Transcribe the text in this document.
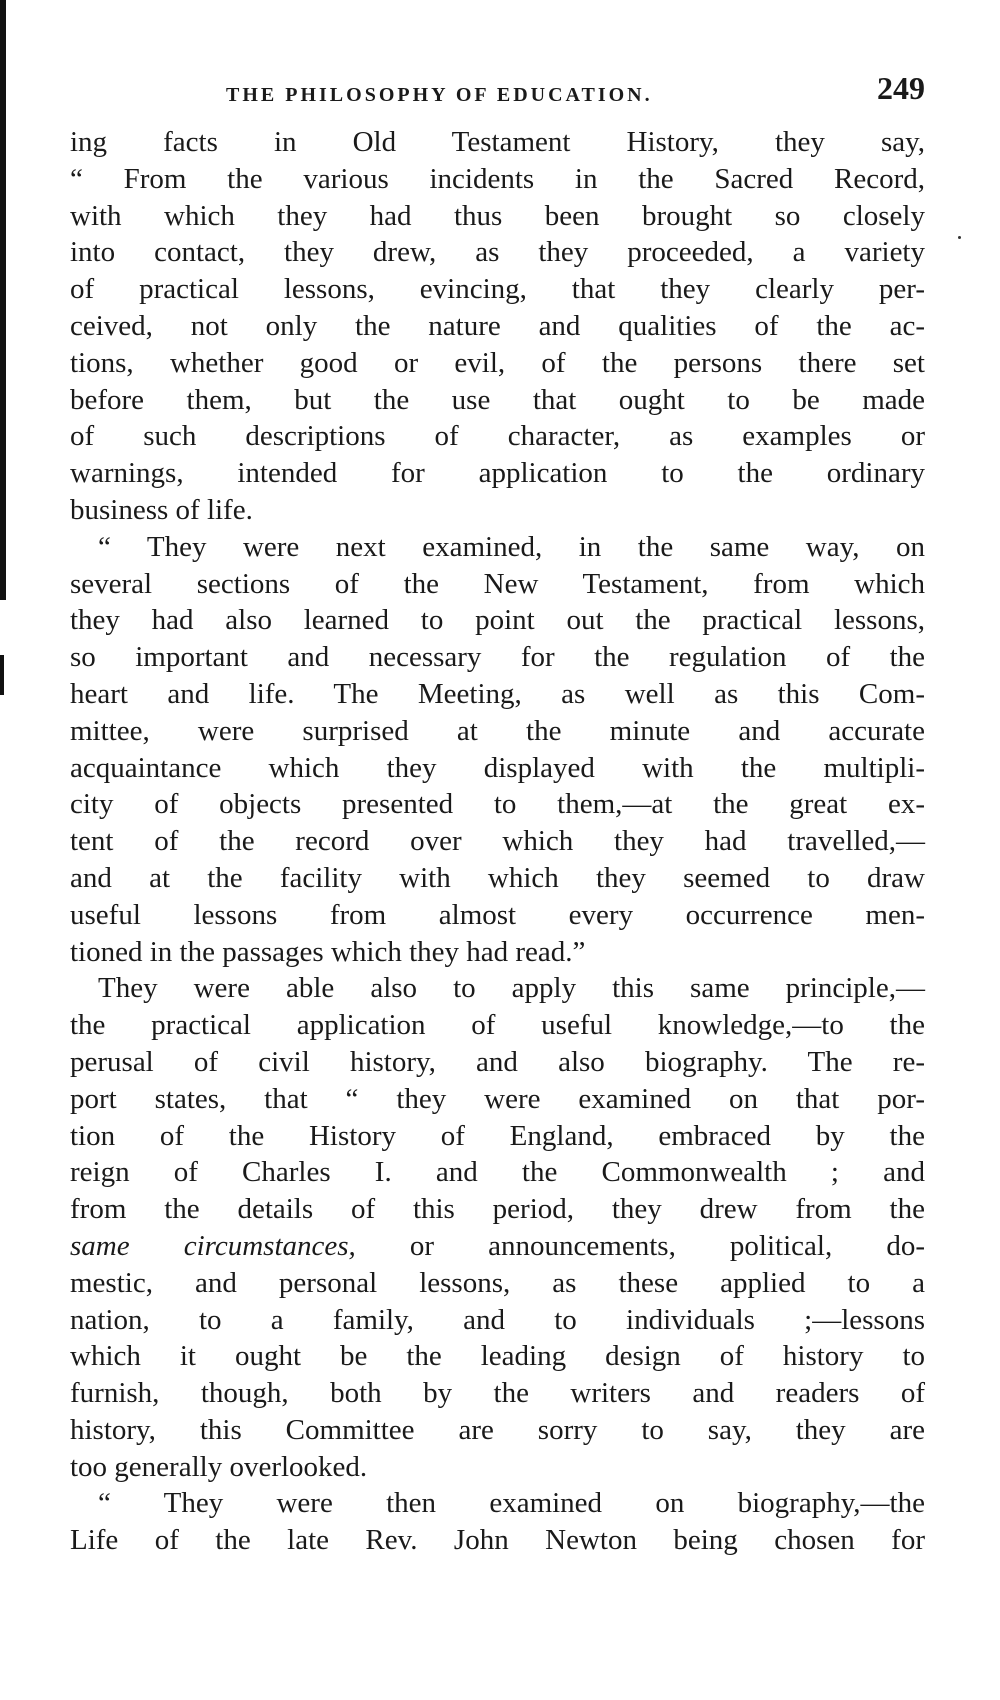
THE PHILOSOPHY OF EDUCATION.	249

ing facts in Old Testament History, they say,
“ From the various incidents in the Sacred Record,
with which they had thus been brought so closely
into contact, they drew, as they proceeded, a variety
of practical lessons, evincing, that they clearly per-
ceived, not only the nature and qualities of the ac-
tions, whether good or evil, of the persons there set
before them, but the use that ought to be made
of such descriptions of character, as examples or
warnings, intended for application to the ordinary
business of life.

“ They were next examined, in the same way, on
several sections of the New Testament, from which
they had also learned to point out the practical lessons,
so important and necessary for the regulation of the
heart and life. The Meeting, as well as this Com-
mittee, were surprised at the minute and accurate
acquaintance which they displayed with the multipli-
city of objects presented to them,—at the great ex-
tent of the record over which they had travelled,—
and at the facility with which they seemed to draw
useful lessons from almost every occurrence men-
tioned in the passages which they had read.”

They were able also to apply this same principle,—
the practical application of useful knowledge,—to the
perusal of civil history, and also biography. The re-
port states, that “ they were examined on that por-
tion of the History of England, embraced by the
reign of Charles I. and the Commonwealth ; and
from the details of this period, they drew from the
same circumstances, or announcements, political, do-
mestic, and personal lessons, as these applied to a
nation, to a family, and to individuals ;—lessons
which it ought be the leading design of history to
furnish, though, both by the writers and readers of
history, this Committee are sorry to say, they are
too generally overlooked.

“ They were then examined on biography,—the
Life of the late Rev. John Newton being chosen for
